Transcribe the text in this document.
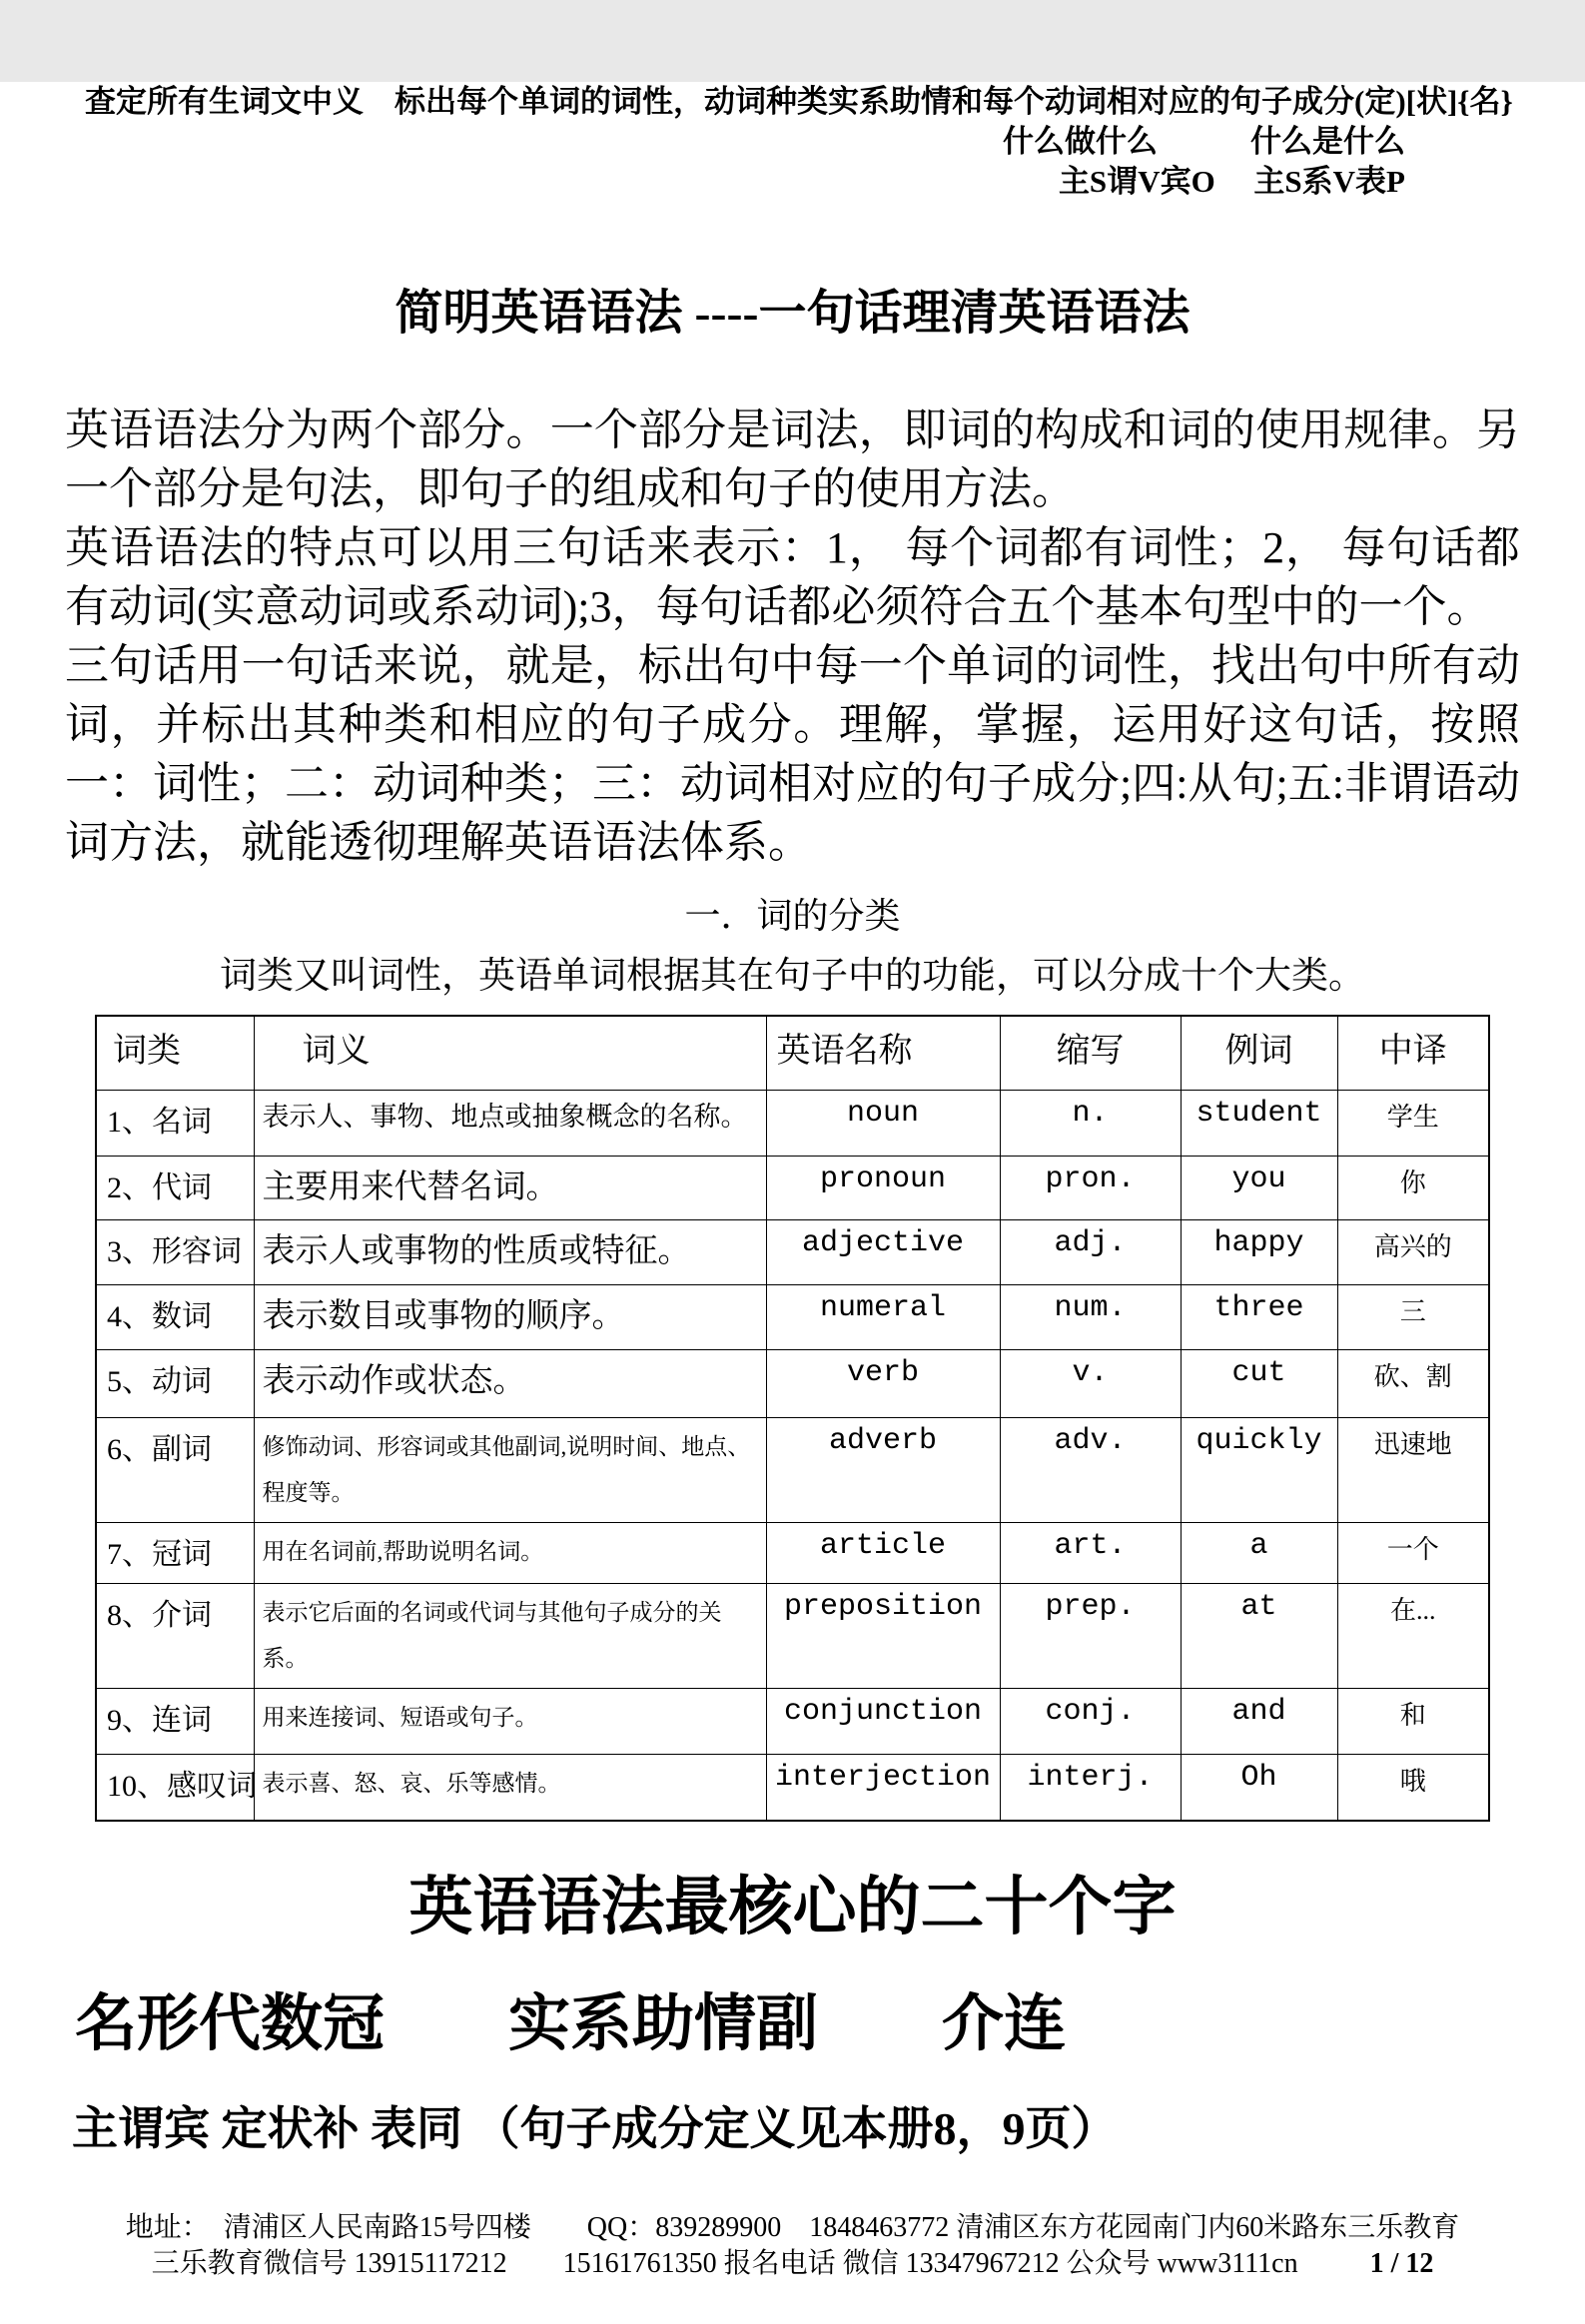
查定所有生词文中义　标出每个单词的词性，动词种类实系助情和每个动词相对应的句子成分(定)[状]{名}
什么做什么　　　什么是什么
主S谓V宾O　 主S系V表P
简明英语语法 ----一句话理清英语语法

英语语法分为两个部分。一个部分是词法，即词的构成和词的使用规律。另一个部分是句法，即句子的组成和句子的使用方法。

英语语法的特点可以用三句话来表示：1， 每个词都有词性；2， 每句话都有动词(实意动词或系动词);3，每句话都必须符合五个基本句型中的一个。

三句话用一句话来说，就是，标出句中每一个单词的词性，找出句中所有动词，并标出其种类和相应的句子成分。理解，掌握，运用好这句话，按照一：词性；二：动词种类；三：动词相对应的句子成分;四:从句;五:非谓语动词方法，就能透彻理解英语语法体系。

一．词的分类
词类又叫词性，英语单词根据其在句子中的功能，可以分成十个大类。
词类	词义	英语名称	缩写	例词	中译
1、名词	表示人、事物、地点或抽象概念的名称。	noun	n.	student	学生
2、代词	主要用来代替名词。	pronoun	pron.	you	你
3、形容词	表示人或事物的性质或特征。	adjective	adj.	happy	高兴的
4、数词	表示数目或事物的顺序。	numeral	num.	three	三
5、动词	表示动作或状态。	verb	v.	cut	砍、割
6、副词	修饰动词、形容词或其他副词,说明时间、地点、程度等。	adverb	adv.	quickly	迅速地
7、冠词	用在名词前,帮助说明名词。	article	art.	a	一个
8、介词	表示它后面的名词或代词与其他句子成分的关系。	preposition	prep.	at	在...
9、连词	用来连接词、短语或句子。	conjunction	conj.	and	和
10、感叹词	表示喜、怒、哀、乐等感情。	interjection	interj.	Oh	哦
英语语法最核心的二十个字
名形代数冠　　实系助情副　　介连
主谓宾 定状补 表同 （句子成分定义见本册8，9页）
地址：　清浦区人民南路15号四楼　　QQ：839289900　1848463772 清浦区东方花园南门内60米路东三乐教育
三乐教育微信号 13915117212　　15161761350 报名电话 微信 13347967212 公众号 www3111cn	1 / 12
